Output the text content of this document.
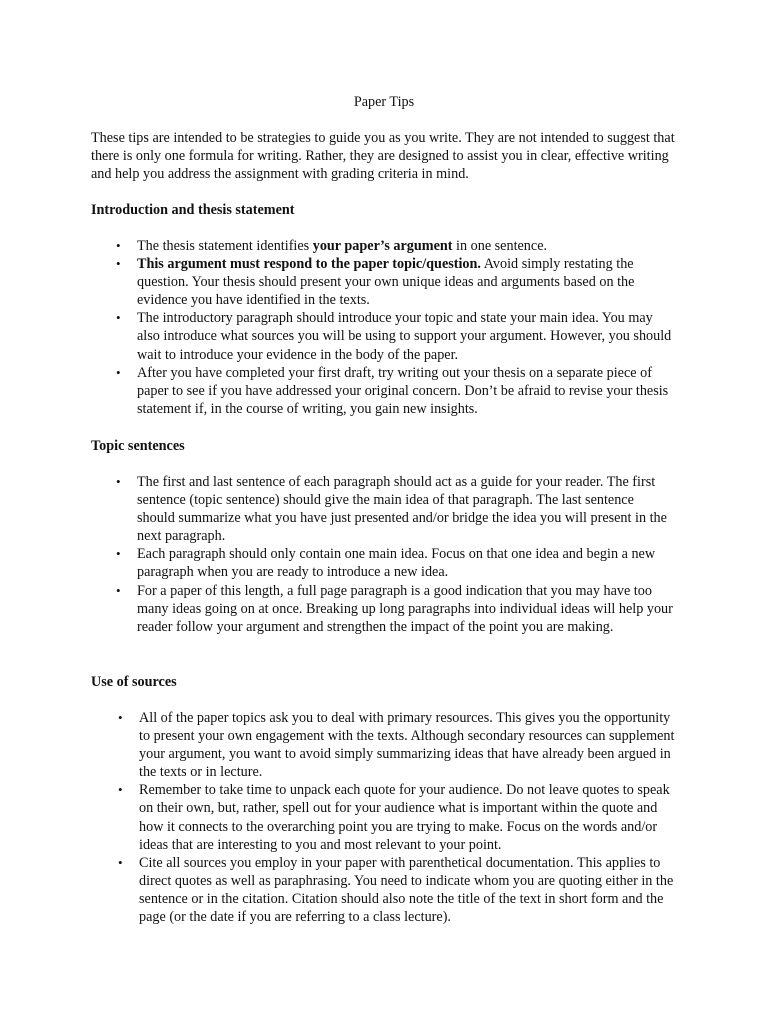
Paper Tips
These tips are intended to be strategies to guide you as you write. They are not intended to suggest that there is only one formula for writing. Rather, they are designed to assist you in clear, effective writing and help you address the assignment with grading criteria in mind.
Introduction and thesis statement
• The thesis statement identifies your paper’s argument in one sentence.
• This argument must respond to the paper topic/question. Avoid simply restating the question. Your thesis should present your own unique ideas and arguments based on the evidence you have identified in the texts.
• The introductory paragraph should introduce your topic and state your main idea. You may also introduce what sources you will be using to support your argument. However, you should wait to introduce your evidence in the body of the paper.
• After you have completed your first draft, try writing out your thesis on a separate piece of paper to see if you have addressed your original concern. Don’t be afraid to revise your thesis statement if, in the course of writing, you gain new insights.
Topic sentences
• The first and last sentence of each paragraph should act as a guide for your reader. The first sentence (topic sentence) should give the main idea of that paragraph. The last sentence should summarize what you have just presented and/or bridge the idea you will present in the next paragraph.
• Each paragraph should only contain one main idea. Focus on that one idea and begin a new paragraph when you are ready to introduce a new idea.
• For a paper of this length, a full page paragraph is a good indication that you may have too many ideas going on at once. Breaking up long paragraphs into individual ideas will help your reader follow your argument and strengthen the impact of the point you are making.
Use of sources
• All of the paper topics ask you to deal with primary resources. This gives you the opportunity to present your own engagement with the texts. Although secondary resources can supplement your argument, you want to avoid simply summarizing ideas that have already been argued in the texts or in lecture.
• Remember to take time to unpack each quote for your audience. Do not leave quotes to speak on their own, but, rather, spell out for your audience what is important within the quote and how it connects to the overarching point you are trying to make. Focus on the words and/or ideas that are interesting to you and most relevant to your point.
• Cite all sources you employ in your paper with parenthetical documentation. This applies to direct quotes as well as paraphrasing. You need to indicate whom you are quoting either in the sentence or in the citation. Citation should also note the title of the text in short form and the page (or the date if you are referring to a class lecture).
